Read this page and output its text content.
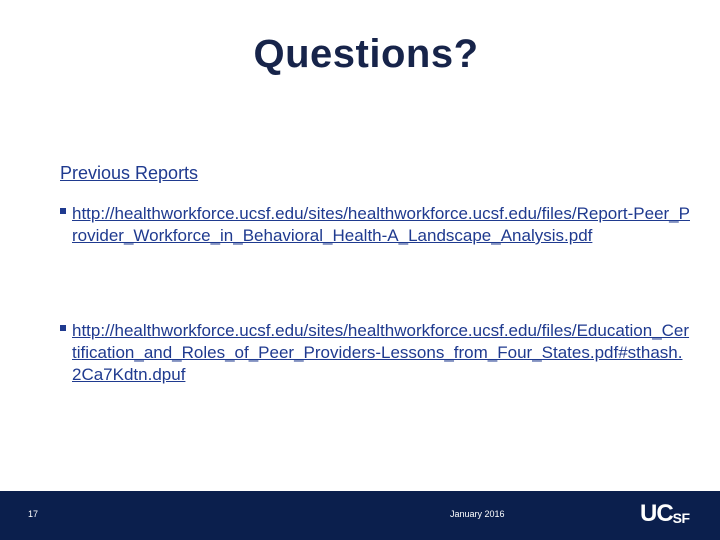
Questions?
Previous Reports
http://healthworkforce.ucsf.edu/sites/healthworkforce.ucsf.edu/files/Report-Peer_Provider_Workforce_in_Behavioral_Health-A_Landscape_Analysis.pdf
http://healthworkforce.ucsf.edu/sites/healthworkforce.ucsf.edu/files/Education_Certification_and_Roles_of_Peer_Providers-Lessons_from_Four_States.pdf#sthash.2Ca7Kdtn.dpuf
17	January 2016	UC SF
